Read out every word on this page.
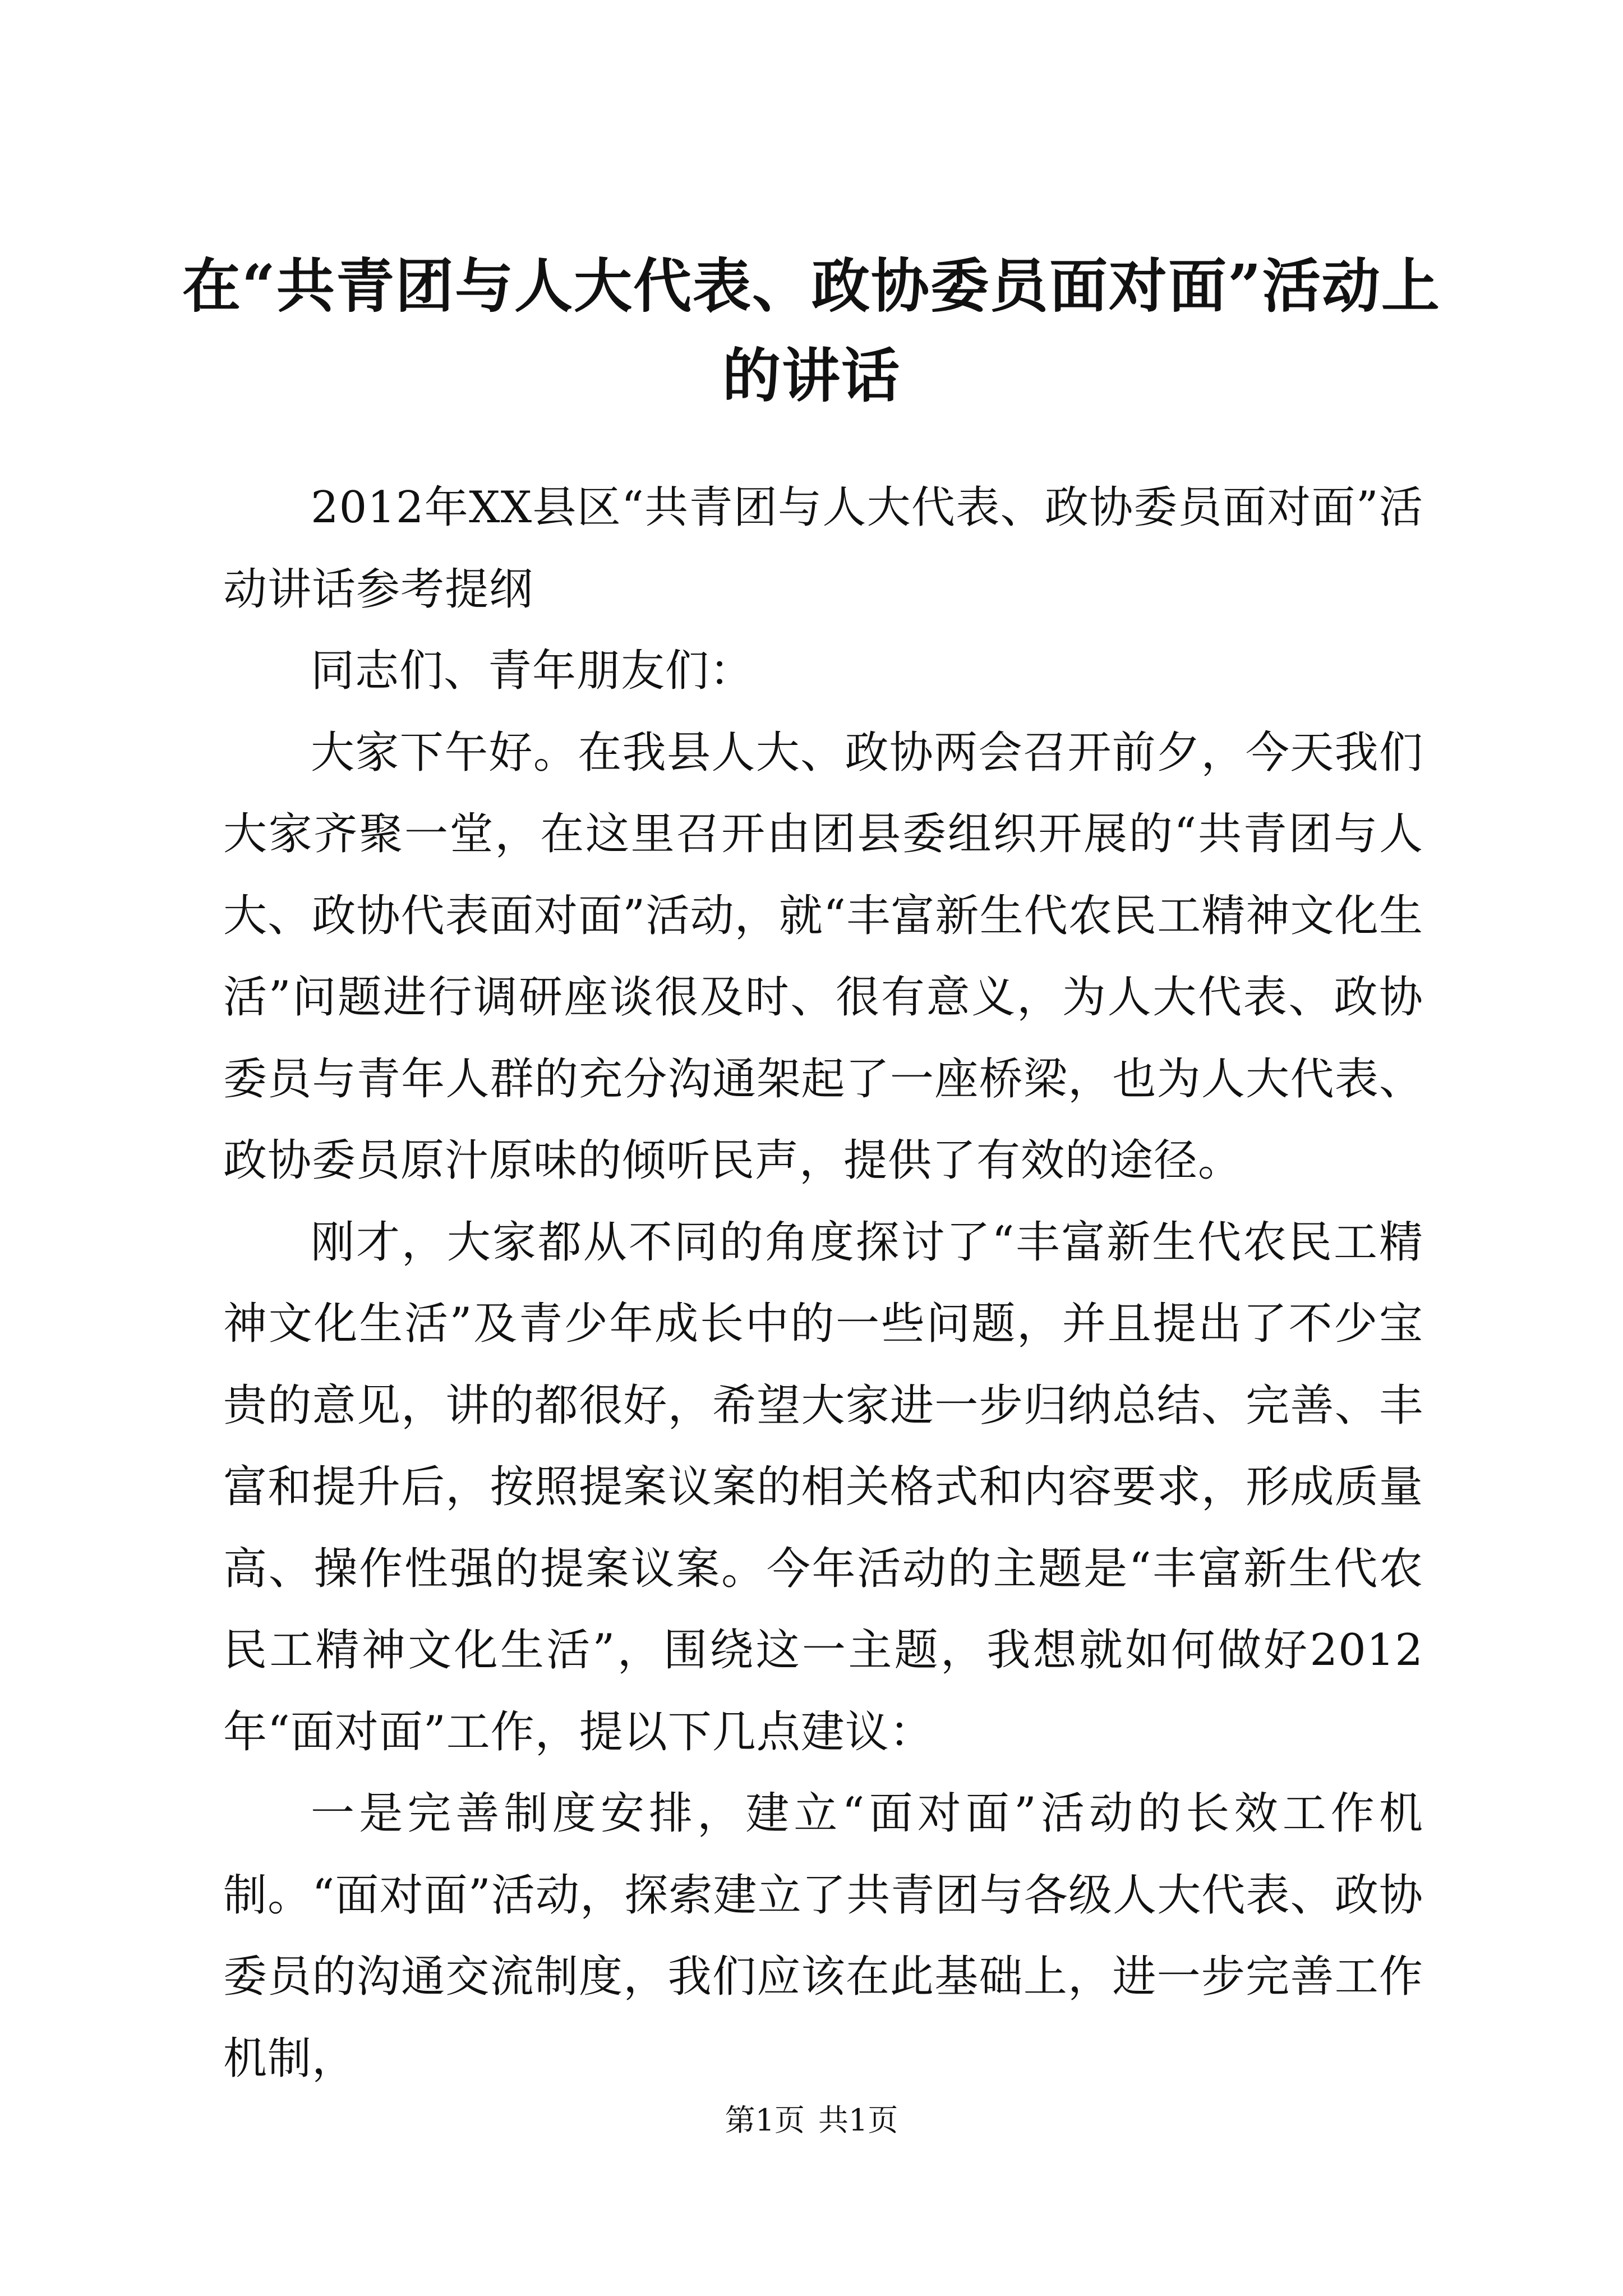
在“共青团与人大代表、政协委员面对面”活动上的讲话

2012年XX县区“共青团与人大代表、政协委员面对面”活动讲话参考提纲

同志们、青年朋友们：

大家下午好。在我县人大、政协两会召开前夕，今天我们大家齐聚一堂，在这里召开由团县委组织开展的“共青团与人大、政协代表面对面”活动，就“丰富新生代农民工精神文化生活”问题进行调研座谈很及时、很有意义，为人大代表、政协委员与青年人群的充分沟通架起了一座桥梁，也为人大代表、政协委员原汁原味的倾听民声，提供了有效的途径。

刚才，大家都从不同的角度探讨了“丰富新生代农民工精神文化生活”及青少年成长中的一些问题，并且提出了不少宝贵的意见，讲的都很好，希望大家进一步归纳总结、完善、丰富和提升后，按照提案议案的相关格式和内容要求，形成质量高、操作性强的提案议案。今年活动的主题是“丰富新生代农民工精神文化生活”，围绕这一主题，我想就如何做好2012年“面对面”工作，提以下几点建议：

一是完善制度安排，建立“面对面”活动的长效工作机制。“面对面”活动，探索建立了共青团与各级人大代表、政协委员的沟通交流制度，我们应该在此基础上，进一步完善工作机制，

第1页 共1页
